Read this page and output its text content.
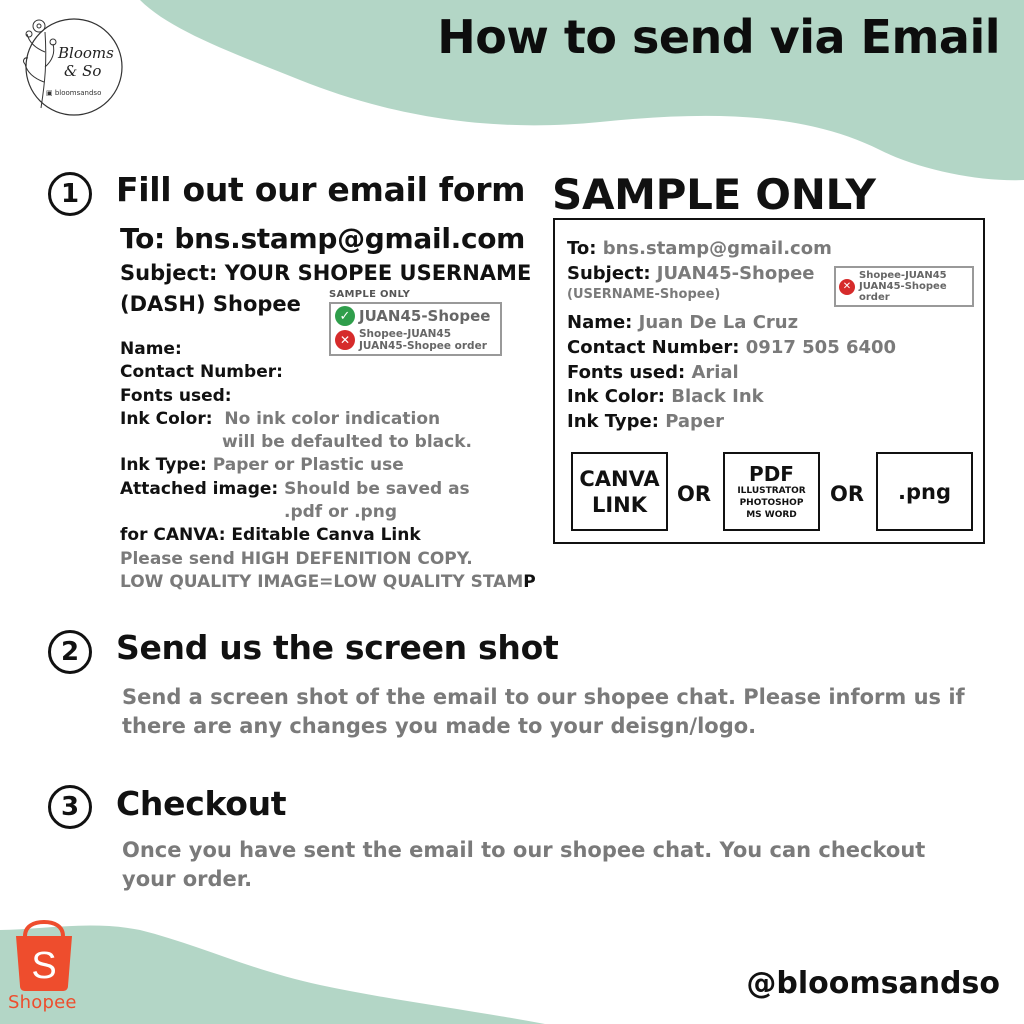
Blooms
& So
▣ bloomsandso
How to send via Email
1	Fill out our email form
To: bns.stamp@gmail.com
Subject: YOUR SHOPEE USERNAME (DASH) Shopee	SAMPLE ONLY
✓ JUAN45-Shopee
✕ Shopee-JUAN45
JUAN45-Shopee order
Name:
Contact Number:
Fonts used:
Ink Color: No ink color indication
will be defaulted to black.
Ink Type: Paper or Plastic use
Attached image: Should be saved as
.pdf or .png
for CANVA: Editable Canva Link
Please send HIGH DEFENITION COPY.
LOW QUALITY IMAGE=LOW QUALITY STAMP
SAMPLE ONLY
To: bns.stamp@gmail.com
Subject: JUAN45-Shopee
(USERNAME-Shopee)
✕
Shopee-JUAN45
JUAN45-Shopee order
Name: Juan De La Cruz
Contact Number: 0917 505 6400
Fonts used: Arial
Ink Color: Black Ink
Ink Type: Paper
CANVA
LINK OR
PDF
ILLUSTRATOR
PHOTOSHOP
MS WORD
OR	.png
2	Send us the screen shot
Send a screen shot of the email to our shopee chat. Please inform us if there are any changes you made to your deisgn/logo.
3	Checkout
Once you have sent the email to our shopee chat. You can checkout your order.
S
Shopee
@bloomsandso
